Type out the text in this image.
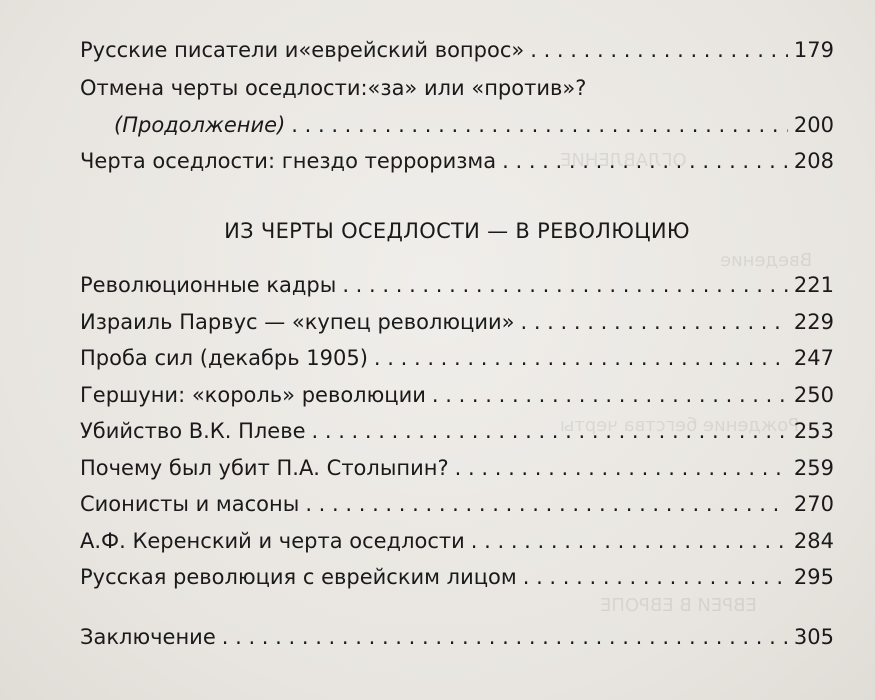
ОГЛАВЛЕНИЕ
Введение
Рождение бегства черты
ЕВРЕИ В ЕВРОПЕ
Русские писатели и«еврейский вопрос» . . .	179
Отмена черты оседлости:«за» или «против»?
(Продолжение) . . .	200
Черта оседлости: гнездо терроризма . . .	208
ИЗ ЧЕРТЫ ОСЕДЛОСТИ — В РЕВОЛЮЦИЮ
Революционные кадры . . .	221
Израиль Парвус — «купец революции» . . .	229
Проба сил (декабрь 1905) . . .	247
Гершуни: «король» революции . . .	250
Убийство В.К. Плеве . . .	253
Почему был убит П.А. Столыпин? . . .	259
Сионисты и масоны . . .	270
А.Ф. Керенский и черта оседлости . . .	284
Русская революция с еврейским лицом . . .	295
Заключение . . .	305
